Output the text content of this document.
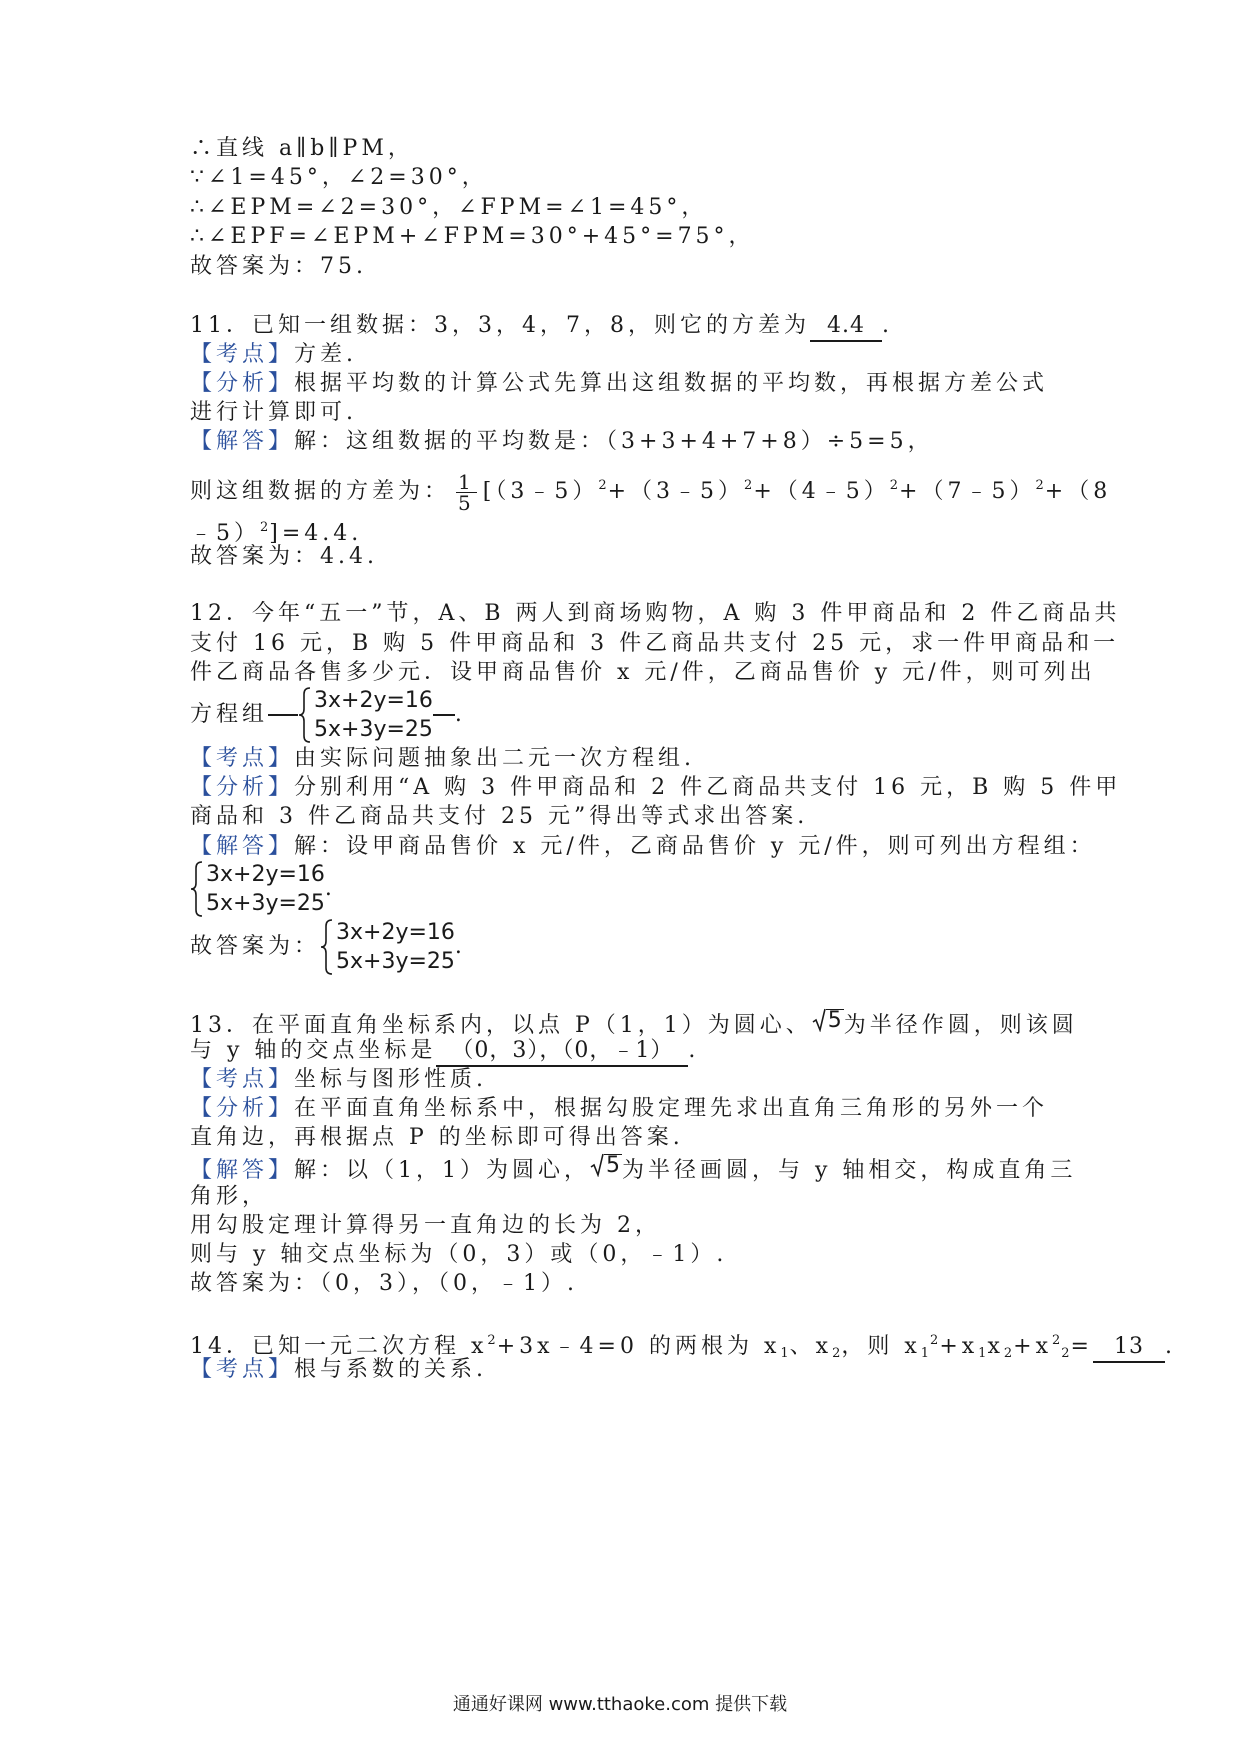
∴直线 a∥b∥PM，
∵∠1=45°，∠2=30°，
∴∠EPM=∠2=30°，∠FPM=∠1=45°，
∴∠EPF=∠EPM+∠FPM=30°+45°=75°，
故答案为：75.
11．已知一组数据：3，3，4，7，8，则它的方差为 4.4 .
【考点】方差.
【分析】根据平均数的计算公式先算出这组数据的平均数，再根据方差公式
进行计算即可.
【解答】解：这组数据的平均数是：（3+3+4+7+8）÷5=5，
则这组数据的方差为： $\frac{1}{5}$ [（3﹣5）$^2$+（3﹣5）$^2$+（4﹣5）$^2$+（7﹣5）$^2$+（8
﹣5）$^2$]=4.4.
故答案为：4.4.
12．今年“五一”节，A、B 两人到商场购物，A 购 3 件甲商品和 2 件乙商品共
支付 16 元，B 购 5 件甲商品和 3 件乙商品共支付 25 元，求一件甲商品和一
件乙商品各售多少元．设甲商品售价 x 元/件，乙商品售价 y 元/件，则可列出
方程组
3x+2y=16
5x+3y=25
.
【考点】由实际问题抽象出二元一次方程组.
【分析】分别利用“A 购 3 件甲商品和 2 件乙商品共支付 16 元，B 购 5 件甲
商品和 3 件乙商品共支付 25 元”得出等式求出答案.
【解答】解：设甲商品售价 x 元/件，乙商品售价 y 元/件，则可列出方程组：
3x+2y=16
5x+3y=25
.
故答案为：
3x+2y=16
5x+3y=25
.
13．在平面直角坐标系内，以点 P（1，1）为圆心、 5 为半径作圆，则该圆
与 y 轴的交点坐标是 （0，3），（0，﹣1） .
【考点】坐标与图形性质.
【分析】在平面直角坐标系中，根据勾股定理先求出直角三角形的另外一个
直角边，再根据点 P 的坐标即可得出答案.
【解答】解：以（1，1）为圆心， 5 为半径画圆，与 y 轴相交，构成直角三
角形，
用勾股定理计算得另一直角边的长为 2，
则与 y 轴交点坐标为（0，3）或（0，﹣1）.
故答案为：（0，3），（0，﹣1）.
14．已知一元二次方程 $x^2+3x﹣4=0$ 的两根为 $x_1$、$x_2$，则 $x_1^2+x_1x_2+x^2_2= 13$ .
【考点】根与系数的关系.
通通好课网 www.tthaoke.com 提供下载
